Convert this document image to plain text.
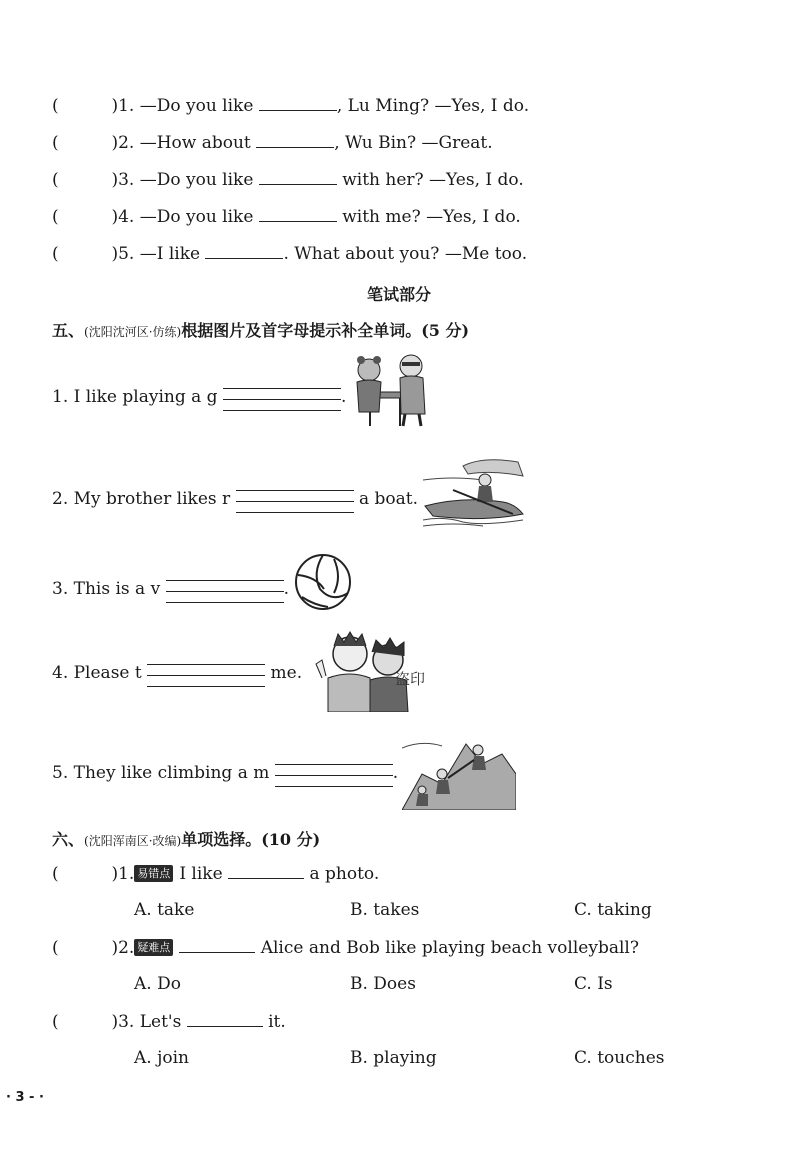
(	)1. —Do you like	, Lu Ming? —Yes, I do.
(	)2. —How about	, Wu Bin? —Great.
(	)3. —Do you like	with her? —Yes, I do.
(	)4. —Do you like	with me? —Yes, I do.
(	)5. —I like	. What about you? —Me too.
笔试部分
五、(沈阳沈河区·仿练)根据图片及首字母提示补全单词。(5 分)
1. I like playing a g	.
2. My brother likes r	a boat.
3. This is a v	.
4. Please t	me.
5. They like climbing a m	.
盗印
六、(沈阳浑南区·改编)单项选择。(10 分)
(	)1. 易错点 I like	a photo.
A. take	B. takes	C. taking
(	)2. 疑难点	Alice and Bob like playing beach volleyball?
A. Do	B. Does	C. Is
(	)3. Let's	it.
A. join	B. playing	C. touches
· 3 - ·
